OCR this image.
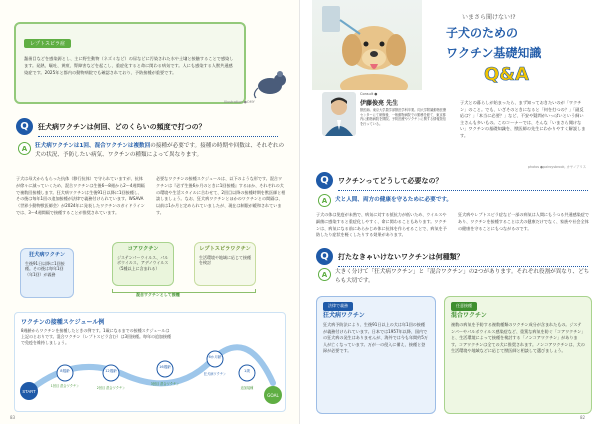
レプトスピラ症
齧歯目などを感染源とし、主に野生動物（ネズミなど）の尿などに汚染された水や土壌と接触することで感染します。発熱、嘔吐、黄疸、腎障害などを起こし、重症化すると命に関わる病気です。人にも感染する人獣共通感染症です。2025年と都内の動物病院でも確認されており、予防接種が重要です。
Illustration ●OMY
Q	狂犬病ワクチンは何回、どのくらいの頻度で打つの？
A	狂犬病ワクチンは1回、混合ワクチンは複数回の接種が必要です。接種の時期や回数は、それぞれの犬の状況、予防したい病気、ワクチンの種類によって異なります。
子犬は母犬からもらった抗体（移行抗体）で守られていますが、抗体が徐々に減っていくため、混合ワクチンは生後6〜8週から2〜4週間隔で複数回接種します。狂犬病ワクチンは生後91日以降に1回接種し、その後は毎年1回の追加接種が法律で義務付けられています。WSAVA（世界小動物獣医師会）が2024年に発表したワクチンのガイドラインでは、3〜4週間隔で接種することが推奨されています。
必要なワクチンの接種スケジュールは、以下のような形です。混合ワクチンは『必ず生後6か月のときに1回接種』するほか、それぞれの犬の環境や生活スタイルに合わせて、2回目以降の接種時期を獣医師と相談しましょう。なお、狂犬病ワクチンとほかのワクチンとの間隔は、以前は1か月と定められていましたが、現在は制限が緩和されています。
狂犬病ワクチン
生後91日以降に1回接種。その後は毎年1回（年1回）が義務
コアワクチン
ジステンパーウイルス、パルボウイルス、アデノウイルス（5種以上に含まれる）
レプトスピラワクチン
生活環境や地域に応じて接種を検討
混合ワクチンとして接種
ワクチンの接種スケジュール例
8週齢からワクチンを接種したときの例です。1歳になるまでの接種スケジュールは上記のとおりです。混合ワクチン（レプトスピラ含む）は3回接種。毎年の追加接種で免疫を維持しましょう。
START
8週齢
1回目 混合ワクチン
12週齢
2回目 混合ワクチン
16週齢
3回目 混合ワクチン
6か月齢
狂犬病ワクチン
1歳
追加接種
GOAL
83
いまさら聞けない!?
子犬のための
ワクチン基礎知識
Q&A
Consult ●
伊藤俊亮 先生
獣医師。東京大学農学部獣医学科卒業。同大学附属動物医療センターにて研修後、一般動物病院での勤務を経て、東京都内に動物病院を開院。予防医療やワクチンに関する情報発信を行っている。
子犬との暮らしが始まったら、まず知っておきたいのが「ワクチン」のこと。でも、いざそのときになると「何を打つの？」「副反応は？」「本当に必要？」など、不安や疑問がいっぱいという飼い主さんも多いもの。このコーナーでは、そんな「いまさら聞けない」ワクチンの基礎知識を、獣医師の先生にわかりやすく解説します。
photos ●pairoysbrook, カヤノアリス
Q	ワクチンってどうして必要なの？
A	犬と人間、両方の健康を守るために必要です。
子犬の体は免疫が未熟で、病気に対する抵抗力が低いため、ウイルスや細菌に感染すると重症化しやすく、命に関わることもあります。ワクチンは、病気になる前にあらかじめ体に抗体を作らせることで、病気を予防したり症状を軽くしたりする効果があります。
狂犬病やレプトスピラ症など一部の病気は人間にもうつる共通感染症であり、ワクチンを接種することは犬の健康だけでなく、家族や社会全体の健康を守ることにもつながるのです。
Q	打たなきゃいけないワクチンは何種類？
A	大きく分けて「狂犬病ワクチン」と「混合ワクチン」の2つがあります。それぞれ役割が異なり、どちらも大切です。
法律で義務
狂犬病ワクチン
狂犬病予防法により、生後91日以上の犬は年1回の接種が義務付けられています。日本では1957年以降、国内での狂犬病の発生はありませんが、海外では今も年間約5万人が亡くなっています。万が一の侵入に備え、接種と登録が必要です。
任意接種
混合ワクチン
複数の病気を予防する複数種類のワクチン成分が含まれたもの。ジステンパーやパルボウイルス感染症など、重篤な病気を防ぐ「コアワクチン」と、生活環境によって接種を検討する「ノンコアワクチン」があります。コアワクチンは全ての犬に推奨されます。ノンコアワクチンは、犬の生活環境や地域などに応じて獣医師と相談して選びましょう。
82
